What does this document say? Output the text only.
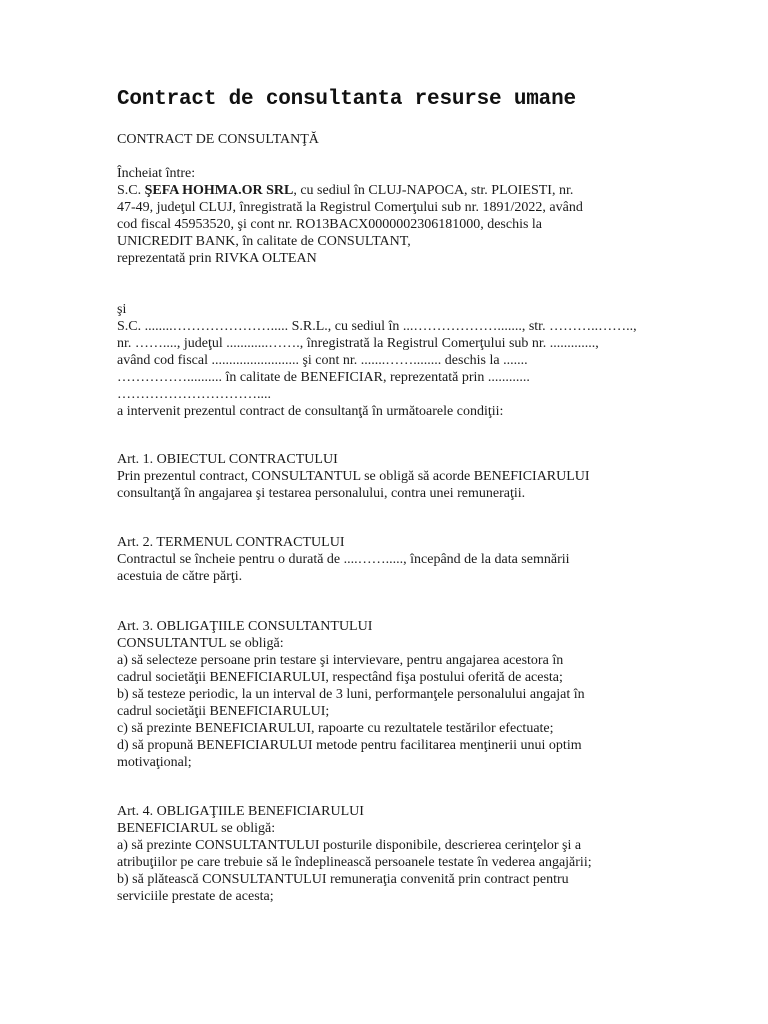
Contract de consultanta resurse umane

CONTRACT DE CONSULTANŢĂ

Încheiat între:

S.C. ŞEFA HOHMA.OR SRL, cu sediul în CLUJ-NAPOCA, str. PLOIESTI, nr.

47-49, judeţul CLUJ, înregistrată la Registrul Comerţului sub nr. 1891/2022, având

cod fiscal 45953520, şi cont nr. RO13BACX0000002306181000, deschis la

UNICREDIT BANK, în calitate de CONSULTANT,

reprezentată prin RIVKA OLTEAN

şi

S.C. ........…………………..... S.R.L., cu sediul în ...………………......., str. ………..……..,

nr. ……...., judeţul ............……., înregistrată la Registrul Comerţului sub nr. .............,

având cod fiscal ......................... şi cont nr. .......……........ deschis la .......

…………….......... în calitate de BENEFICIAR, reprezentată prin ............

…………………………....

a intervenit prezentul contract de consultanţă în următoarele condiţii:

Art. 1. OBIECTUL CONTRACTULUI

Prin prezentul contract, CONSULTANTUL se obligă să acorde BENEFICIARULUI

consultanţă în angajarea şi testarea personalului, contra unei remuneraţii.

Art. 2. TERMENUL CONTRACTULUI

Contractul se încheie pentru o durată de ....……....., începând de la data semnării

acestuia de către părţi.

Art. 3. OBLIGAŢIILE CONSULTANTULUI

CONSULTANTUL se obligă:

a) să selecteze persoane prin testare şi intervievare, pentru angajarea acestora în

cadrul societăţii BENEFICIARULUI, respectând fişa postului oferită de acesta;

b) să testeze periodic, la un interval de 3 luni, performanţele personalului angajat în

cadrul societăţii BENEFICIARULUI;

c) să prezinte BENEFICIARULUI, rapoarte cu rezultatele testărilor efectuate;

d) să propună BENEFICIARULUI metode pentru facilitarea menţinerii unui optim

motivaţional;

Art. 4. OBLIGAŢIILE BENEFICIARULUI

BENEFICIARUL se obligă:

a) să prezinte CONSULTANTULUI posturile disponibile, descrierea cerinţelor şi a

atribuţiilor pe care trebuie să le îndeplinească persoanele testate în vederea angajării;

b) să plătească CONSULTANTULUI remuneraţia convenită prin contract pentru

serviciile prestate de acesta;
